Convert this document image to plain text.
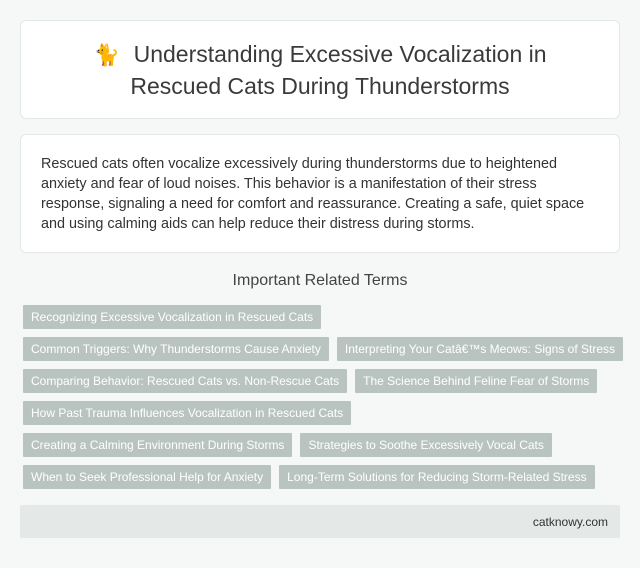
🐈 Understanding Excessive Vocalization in Rescued Cats During Thunderstorms

Rescued cats often vocalize excessively during thunderstorms due to heightened anxiety and fear of loud noises. This behavior is a manifestation of their stress response, signaling a need for comfort and reassurance. Creating a safe, quiet space and using calming aids can help reduce their distress during storms.

Important Related Terms
Recognizing Excessive Vocalization in Rescued Cats
Common Triggers: Why Thunderstorms Cause Anxiety	Interpreting Your Catâ€™s Meows: Signs of Stress
Comparing Behavior: Rescued Cats vs. Non-Rescue Cats	The Science Behind Feline Fear of Storms
How Past Trauma Influences Vocalization in Rescued Cats
Creating a Calming Environment During Storms	Strategies to Soothe Excessively Vocal Cats
When to Seek Professional Help for Anxiety	Long-Term Solutions for Reducing Storm-Related Stress
catknowy.com
